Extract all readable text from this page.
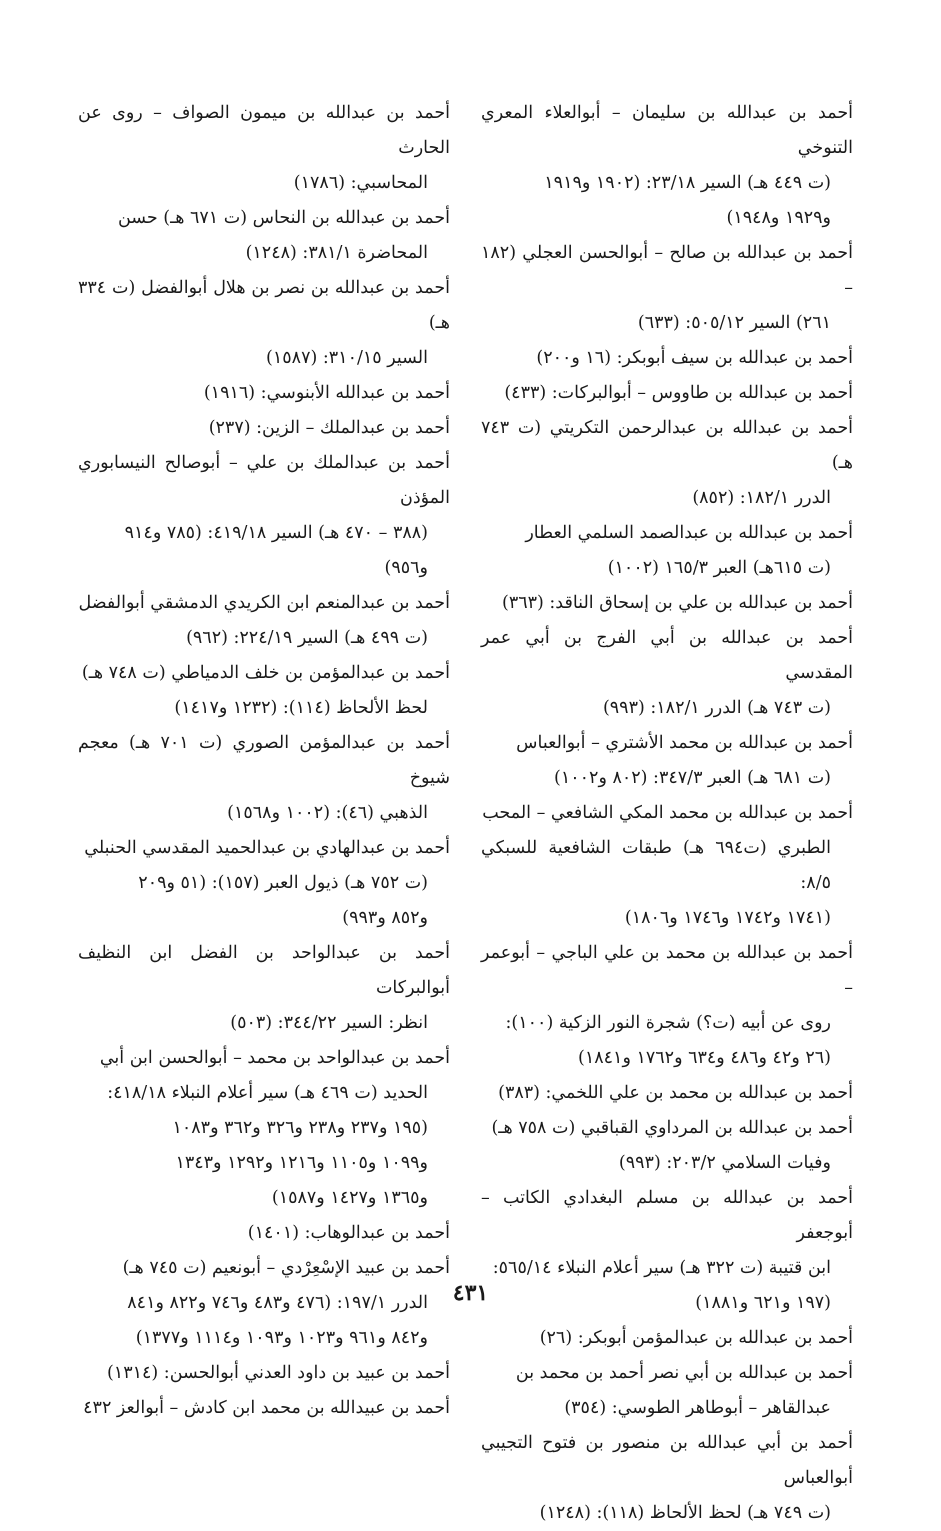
أحمد بن عبدالله بن سليمان – أبوالعلاء المعري التنوخي
(ت ٤٤٩ هـ) السير ٢٣/١٨: (١٩٠٢ و١٩١٩
و١٩٢٩ و١٩٤٨)
أحمد بن عبدالله بن صالح – أبوالحسن العجلي (١٨٢ –
٢٦١) السير ٥٠٥/١٢: (٦٣٣)
أحمد بن عبدالله بن سيف أبوبكر: (١٦ و٢٠٠)
أحمد بن عبدالله بن طاووس – أبوالبركات: (٤٣٣)
أحمد بن عبدالله بن عبدالرحمن التكريتي (ت ٧٤٣ هـ)
الدرر ١٨٢/١: (٨٥٢)
أحمد بن عبدالله بن عبدالصمد السلمي العطار
(ت ٦١٥هـ) العبر ١٦٥/٣ (١٠٠٢)
أحمد بن عبدالله بن علي بن إسحاق الناقد: (٣٦٣)
أحمد بن عبدالله بن أبي الفرج بن أبي عمر المقدسي
(ت ٧٤٣ هـ) الدرر ١٨٢/١: (٩٩٣)
أحمد بن عبدالله بن محمد الأشتري – أبوالعباس
(ت ٦٨١ هـ) العبر ٣٤٧/٣: (٨٠٢ و١٠٠٢)
أحمد بن عبدالله بن محمد المكي الشافعي – المحب
الطبري (ت٦٩٤ هـ) طبقات الشافعية للسبكي ٨/٥:
(١٧٤١ و١٧٤٢ و١٧٤٦ و١٨٠٦)
أحمد بن عبدالله بن محمد بن علي الباجي – أبوعمر –
روى عن أبيه (ت؟) شجرة النور الزكية (١٠٠):
(٢٦ و٤٢ و٤٨٦ و٦٣٤ و١٧٦٢ و١٨٤١)
أحمد بن عبدالله بن محمد بن علي اللخمي: (٣٨٣)
أحمد بن عبدالله بن المرداوي القباقبي (ت ٧٥٨ هـ)
وفيات السلامي ٢٠٣/٢: (٩٩٣)
أحمد بن عبدالله بن مسلم البغدادي الكاتب – أبوجعفر
ابن قتيبة (ت ٣٢٢ هـ) سير أعلام النبلاء ٥٦٥/١٤:
(١٩٧ و٦٢١ و١٨٨١)
أحمد بن عبدالله بن عبدالمؤمن أبوبكر: (٢٦)
أحمد بن عبدالله بن أبي نصر أحمد بن محمد بن
عبدالقاهر – أبوطاهر الطوسي: (٣٥٤)
أحمد بن أبي عبدالله بن منصور بن فتوح التجيبي أبوالعباس
(ت ٧٤٩ هـ) لحظ الألحاظ (١١٨): (١٢٤٨)
أحمد بن عبدالله بن ميمون الصواف – روى عن الحارث
المحاسبي: (١٧٨٦)
أحمد بن عبدالله بن النحاس (ت ٦٧١ هـ) حسن
المحاضرة ٣٨١/١: (١٢٤٨)
أحمد بن عبدالله بن نصر بن هلال أبوالفضل (ت ٣٣٤ هـ)
السير ٣١٠/١٥: (١٥٨٧)
أحمد بن عبدالله الأبنوسي: (١٩١٦)
أحمد بن عبدالملك – الزين: (٢٣٧)
أحمد بن عبدالملك بن علي – أبوصالح النيسابوري المؤذن
(٣٨٨ – ٤٧٠ هـ) السير ٤١٩/١٨: (٧٨٥ و٩١٤
و٩٥٦)
أحمد بن عبدالمنعم ابن الكريدي الدمشقي أبوالفضل
(ت ٤٩٩ هـ) السير ٢٢٤/١٩: (٩٦٢)
أحمد بن عبدالمؤمن بن خلف الدمياطي (ت ٧٤٨ هـ)
لحظ الألحاظ (١١٤): (١٢٣٢ و١٤١٧)
أحمد بن عبدالمؤمن الصوري (ت ٧٠١ هـ) معجم شيوخ
الذهبي (٤٦): (١٠٠٢ و١٥٦٨)
أحمد بن عبدالهادي بن عبدالحميد المقدسي الحنبلي
(ت ٧٥٢ هـ) ذيول العبر (١٥٧): (٥١ و٢٠٩
و٨٥٢ و٩٩٣)
أحمد بن عبدالواحد بن الفضل ابن النظيف أبوالبركات
انظر: السير ٣٤٤/٢٢: (٥٠٣)
أحمد بن عبدالواحد بن محمد – أبوالحسن ابن أبي
الحديد (ت ٤٦٩ هـ) سير أعلام النبلاء ٤١٨/١٨:
(١٩٥ و٢٣٧ و٢٣٨ و٣٢٦ و٣٦٢ و١٠٨٣
و١٠٩٩ و١١٠٥ و١٢١٦ و١٢٩٢ و١٣٤٣
و١٣٦٥ و١٤٢٧ و١٥٨٧)
أحمد بن عبدالوهاب: (١٤٠١)
أحمد بن عبيد الإسْعِرْدي – أبونعيم (ت ٧٤٥ هـ)
الدرر ١٩٧/١: (٤٧٦ و٤٨٣ و٧٤٦ و٨٢٢ و٨٤١
و٨٤٢ و٩٦١ و١٠٢٣ و١٠٩٣ و١١١٤ و١٣٧٧)
أحمد بن عبيد بن داود العدني أبوالحسن: (١٣١٤)
أحمد بن عبيدالله بن محمد ابن كادش – أبوالعز ٤٣٢
٤٣١
